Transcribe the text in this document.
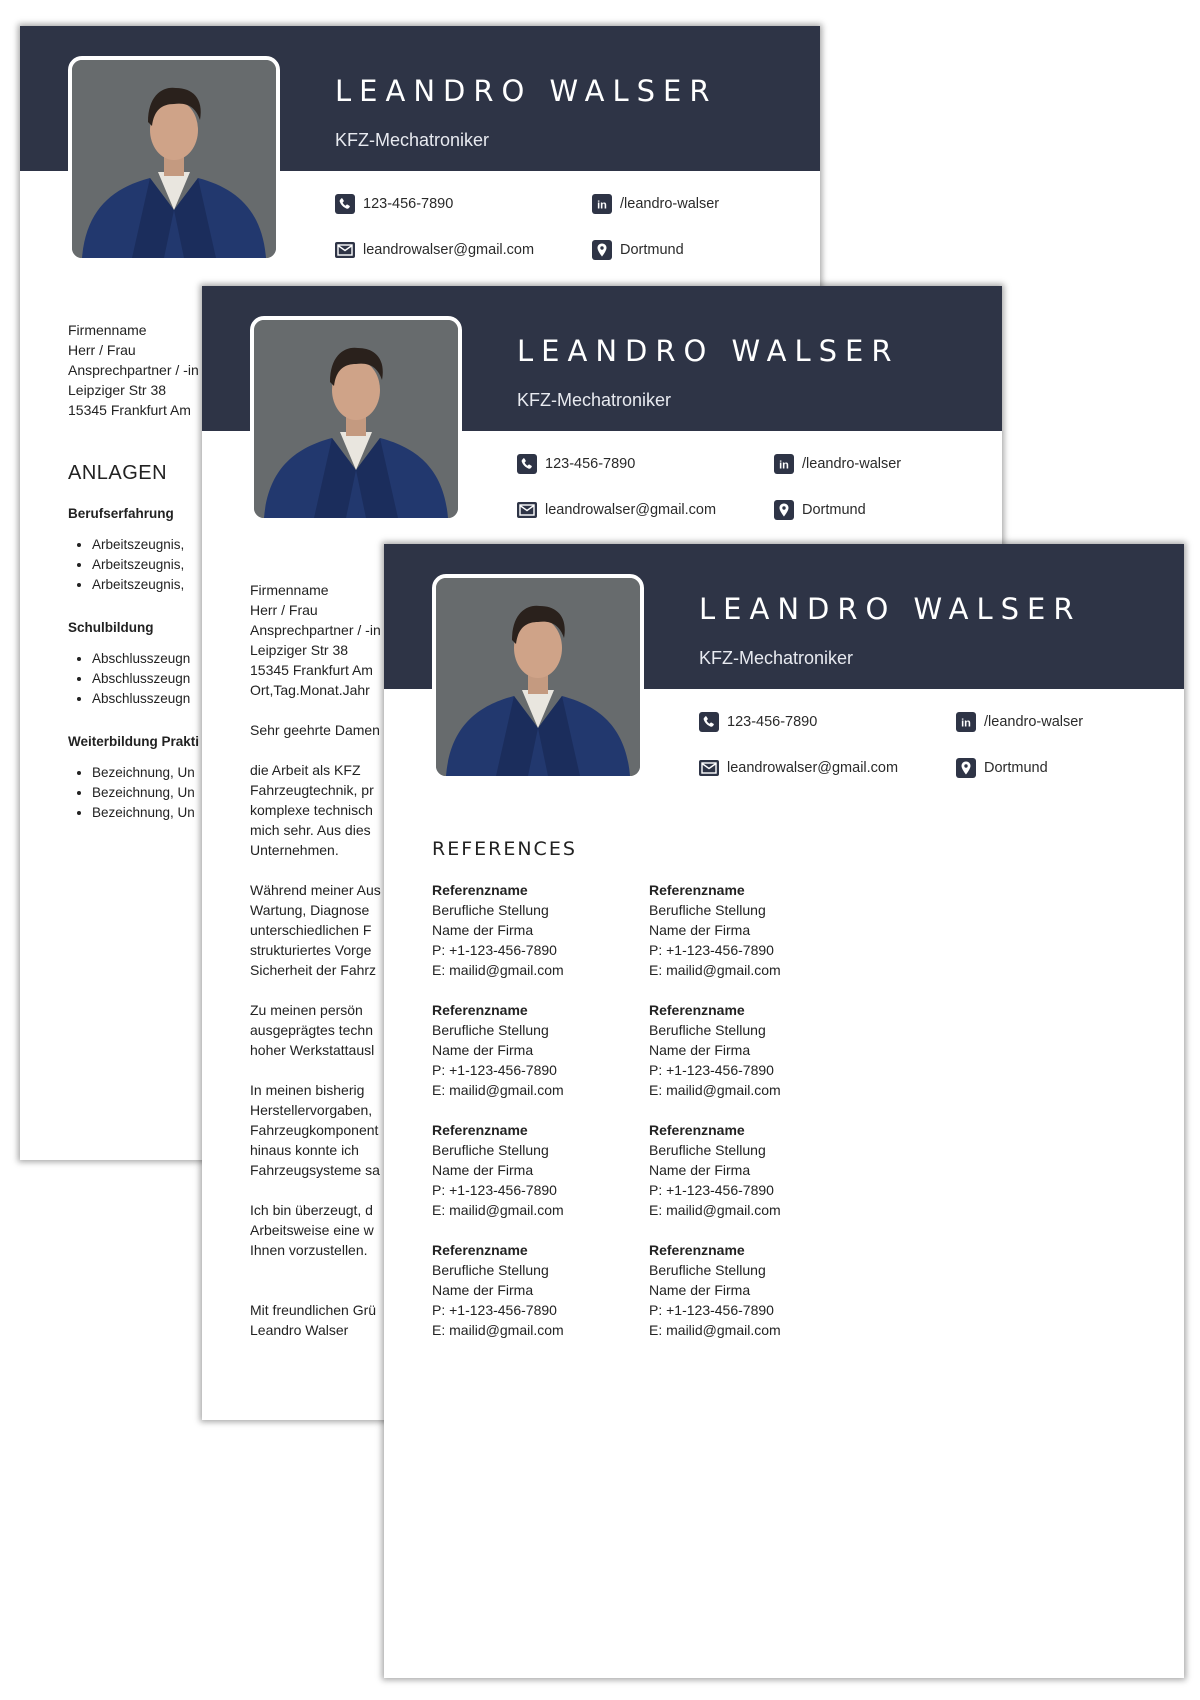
LEANDRO WALSER
KFZ-Mechatroniker
123-456-7890	in /leandro-walser
leandrowalser@gmail.com	Dortmund
Firmenname
Herr / Frau
Ansprechpartner / -in
Leipziger Str 38
15345 Frankfurt Am
ANLAGEN
Berufserfahrung
• Arbeitszeugnis,
• Arbeitszeugnis,
• Arbeitszeugnis,
Schulbildung
• Abschlusszeugn
• Abschlusszeugn
• Abschlusszeugn
Weiterbildung Prakti
• Bezeichnung, Un
• Bezeichnung, Un
• Bezeichnung, Un
LEANDRO WALSER
KFZ-Mechatroniker
123-456-7890	in /leandro-walser
leandrowalser@gmail.com	Dortmund

Firmenname
Herr / Frau
Ansprechpartner / -in
Leipziger Str 38
15345 Frankfurt Am
Ort,Tag.Monat.Jahr

Sehr geehrte Damen

die Arbeit als KFZ
Fahrzeugtechnik, pr
komplexe technisch
mich sehr. Aus dies
Unternehmen.

Während meiner Aus
Wartung, Diagnose
unterschiedlichen F
strukturiertes Vorge
Sicherheit der Fahrz

Zu meinen persön
ausgeprägtes techn
hoher Werkstattausl

In meinen bisherig
Herstellervorgaben,
Fahrzeugkomponent
hinaus konnte ich
Fahrzeugsysteme sa

Ich bin überzeugt, d
Arbeitsweise eine w
Ihnen vorzustellen.

Mit freundlichen Grü
Leandro Walser

LEANDRO WALSER
KFZ-Mechatroniker
123-456-7890	in /leandro-walser
leandrowalser@gmail.com	Dortmund
REFERENCES
Referenzname
Berufliche Stellung
Name der Firma
P: +1-123-456-7890
E: mailid@gmail.com
Referenzname
Berufliche Stellung
Name der Firma
P: +1-123-456-7890
E: mailid@gmail.com
Referenzname
Berufliche Stellung
Name der Firma
P: +1-123-456-7890
E: mailid@gmail.com
Referenzname
Berufliche Stellung
Name der Firma
P: +1-123-456-7890
E: mailid@gmail.com
Referenzname
Berufliche Stellung
Name der Firma
P: +1-123-456-7890
E: mailid@gmail.com
Referenzname
Berufliche Stellung
Name der Firma
P: +1-123-456-7890
E: mailid@gmail.com
Referenzname
Berufliche Stellung
Name der Firma
P: +1-123-456-7890
E: mailid@gmail.com
Referenzname
Berufliche Stellung
Name der Firma
P: +1-123-456-7890
E: mailid@gmail.com
